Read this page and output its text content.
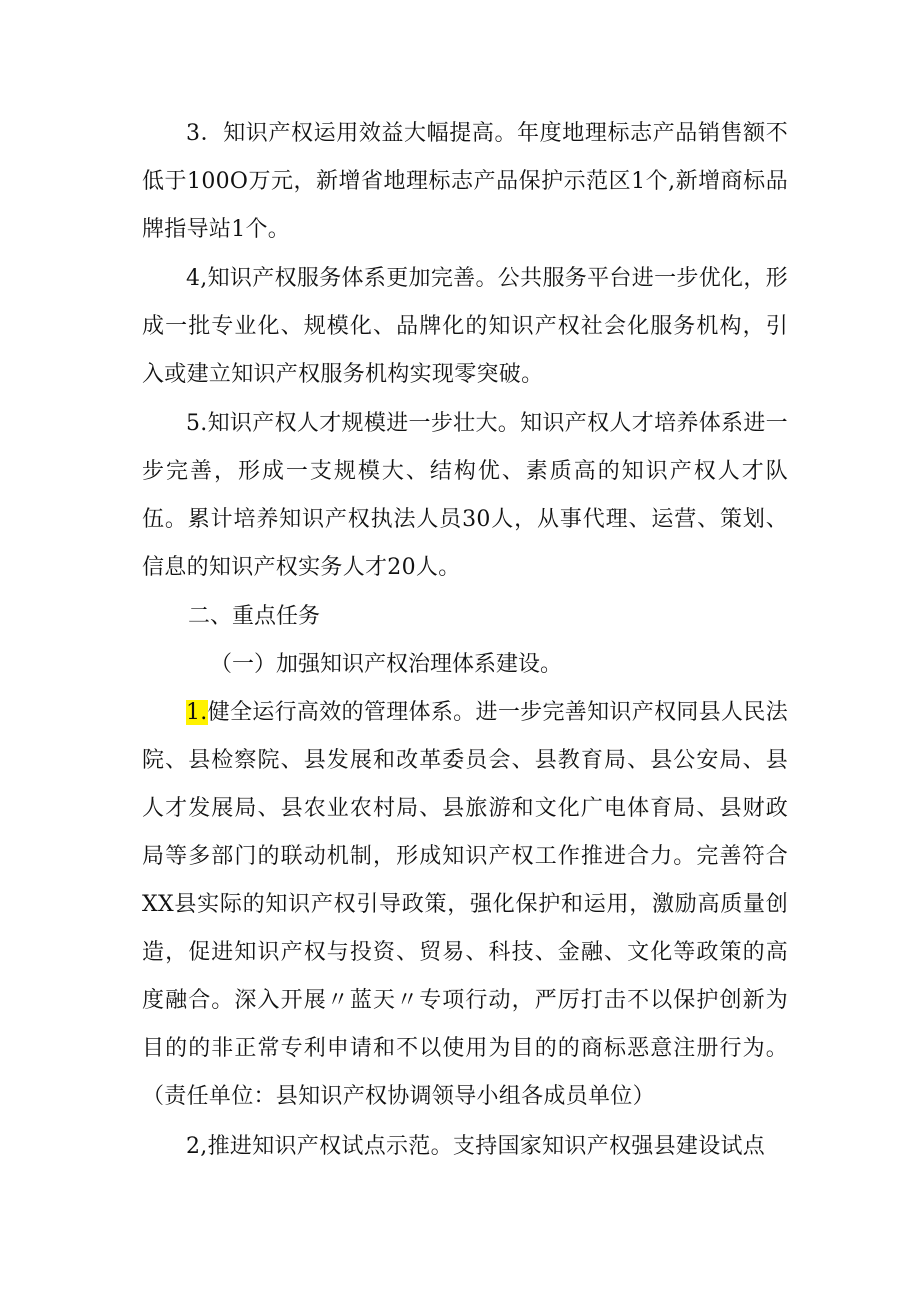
3．知识产权运用效益大幅提高。年度地理标志产品销售额不低于100O万元，新增省地理标志产品保护示范区1个,新增商标品牌指导站1个。

4,知识产权服务体系更加完善。公共服务平台进一步优化，形成一批专业化、规模化、品牌化的知识产权社会化服务机构，引入或建立知识产权服务机构实现零突破。

5.知识产权人才规模进一步壮大。知识产权人才培养体系进一步完善，形成一支规模大、结构优、素质高的知识产权人才队伍。累计培养知识产权执法人员30人，从事代理、运营、策划、信息的知识产权实务人才20人。

二、重点任务

（一）加强知识产权治理体系建设。

1.健全运行高效的管理体系。进一步完善知识产权同县人民法院、县检察院、县发展和改革委员会、县教育局、县公安局、县人才发展局、县农业农村局、县旅游和文化广电体育局、县财政局等多部门的联动机制，形成知识产权工作推进合力。完善符合XX县实际的知识产权引导政策，强化保护和运用，激励高质量创造，促进知识产权与投资、贸易、科技、金融、文化等政策的高度融合。深入开展〃蓝天〃专项行动，严厉打击不以保护创新为目的的非正常专利申请和不以使用为目的的商标恶意注册行为。（责任单位：县知识产权协调领导小组各成员单位）

2,推进知识产权试点示范。支持国家知识产权强县建设试点
